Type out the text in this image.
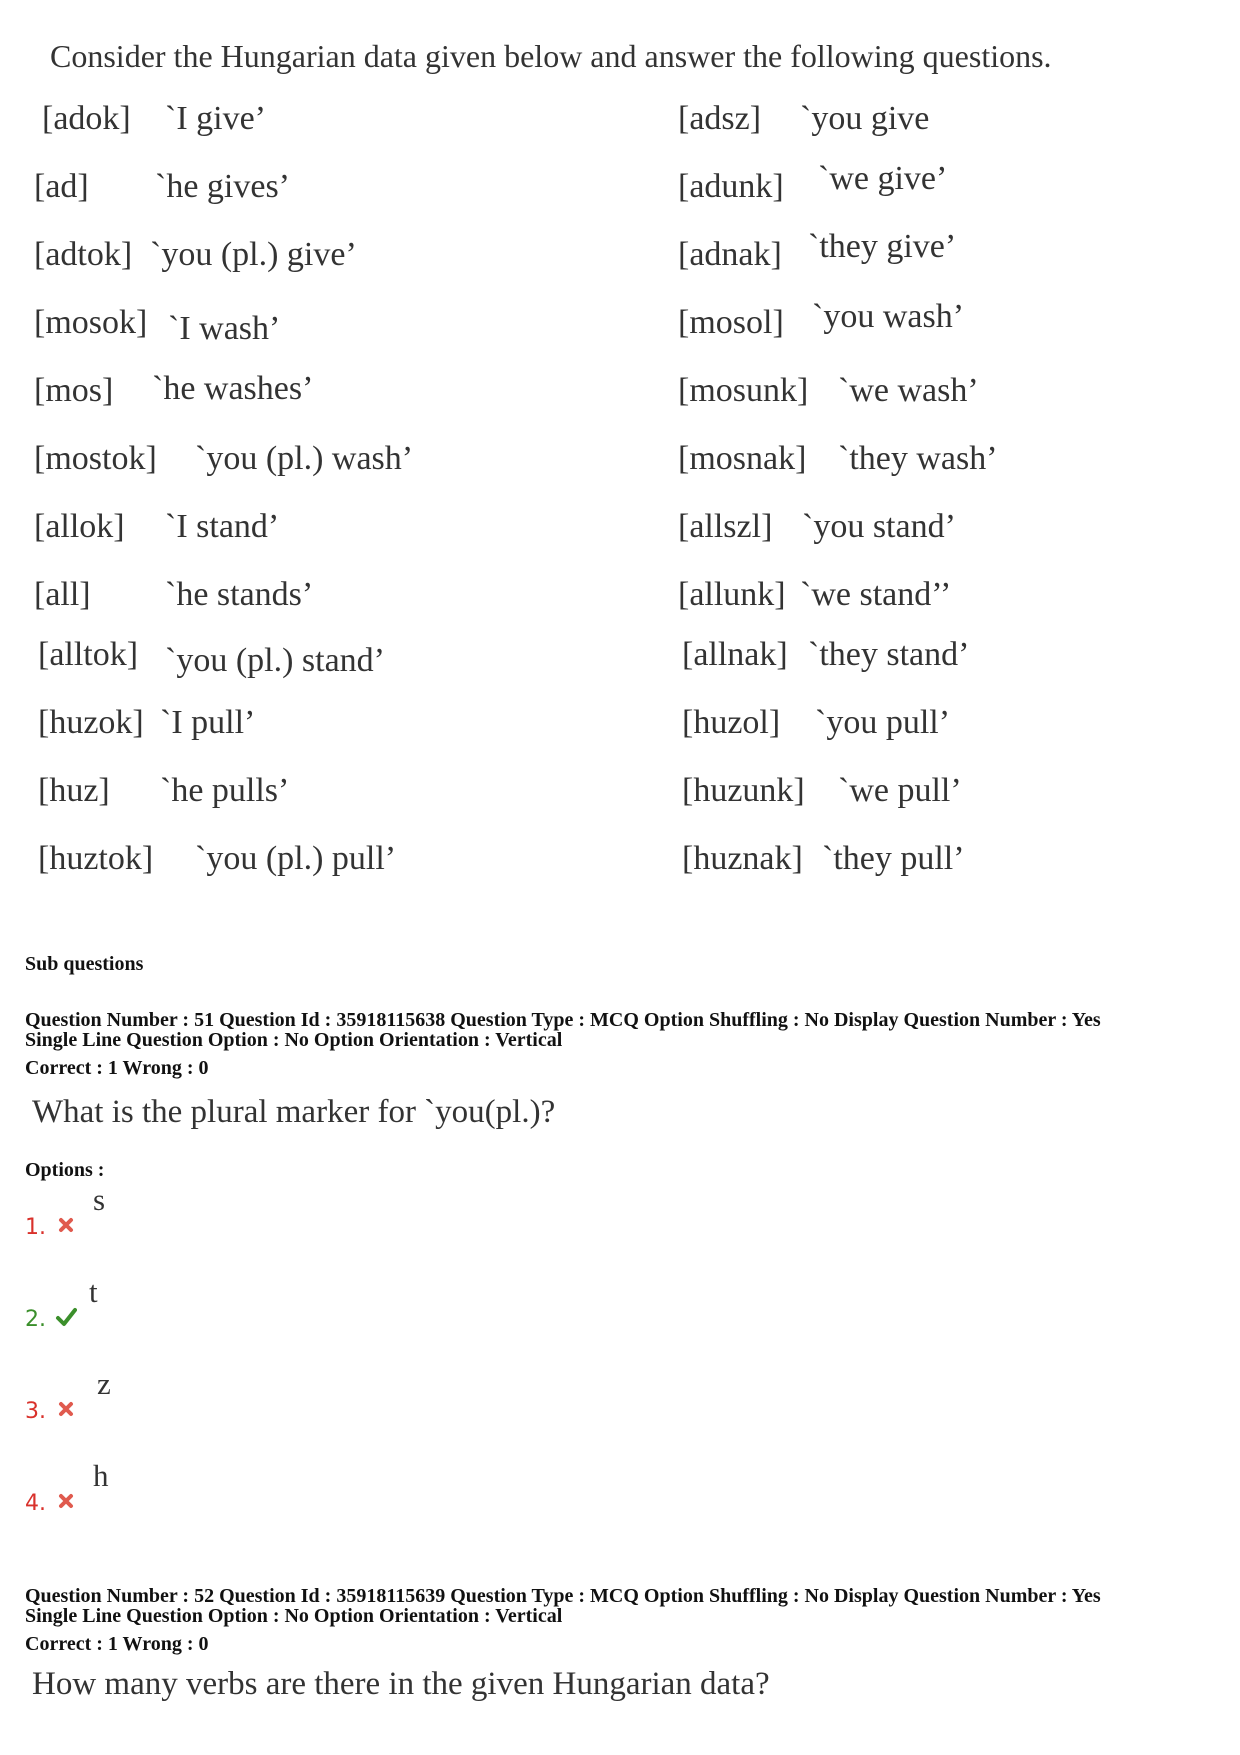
Consider the Hungarian data given below and answer the following questions.
[adok] `I give’	[adsz] `you give
[ad] `he gives’	[adunk] `we give’
[adtok] `you (pl.) give’	[adnak] `they give’
[mosok] `I wash’	[mosol] `you wash’
[mos] `he washes’	[mosunk] `we wash’
[mostok] `you (pl.) wash’	[mosnak] `they wash’
[allok] `I stand’	[allszl] `you stand’
[all] `he stands’	[allunk] `we stand’’
[alltok] `you (pl.) stand’	[allnak] `they stand’
[huzok] `I pull’	[huzol] `you pull’
[huz] `he pulls’	[huzunk] `we pull’
[huztok] `you (pl.) pull’	[huznak] `they pull’
Sub questions
Question Number : 51 Question Id : 35918115638 Question Type : MCQ Option Shuffling : No Display Question Number : Yes
Single Line Question Option : No Option Orientation : Vertical
Correct : 1 Wrong : 0
What is the plural marker for `you(pl.)?
Options :
1.
s
2.
t
3.
z
4.
h
Question Number : 52 Question Id : 35918115639 Question Type : MCQ Option Shuffling : No Display Question Number : Yes
Single Line Question Option : No Option Orientation : Vertical
Correct : 1 Wrong : 0
How many verbs are there in the given Hungarian data?
